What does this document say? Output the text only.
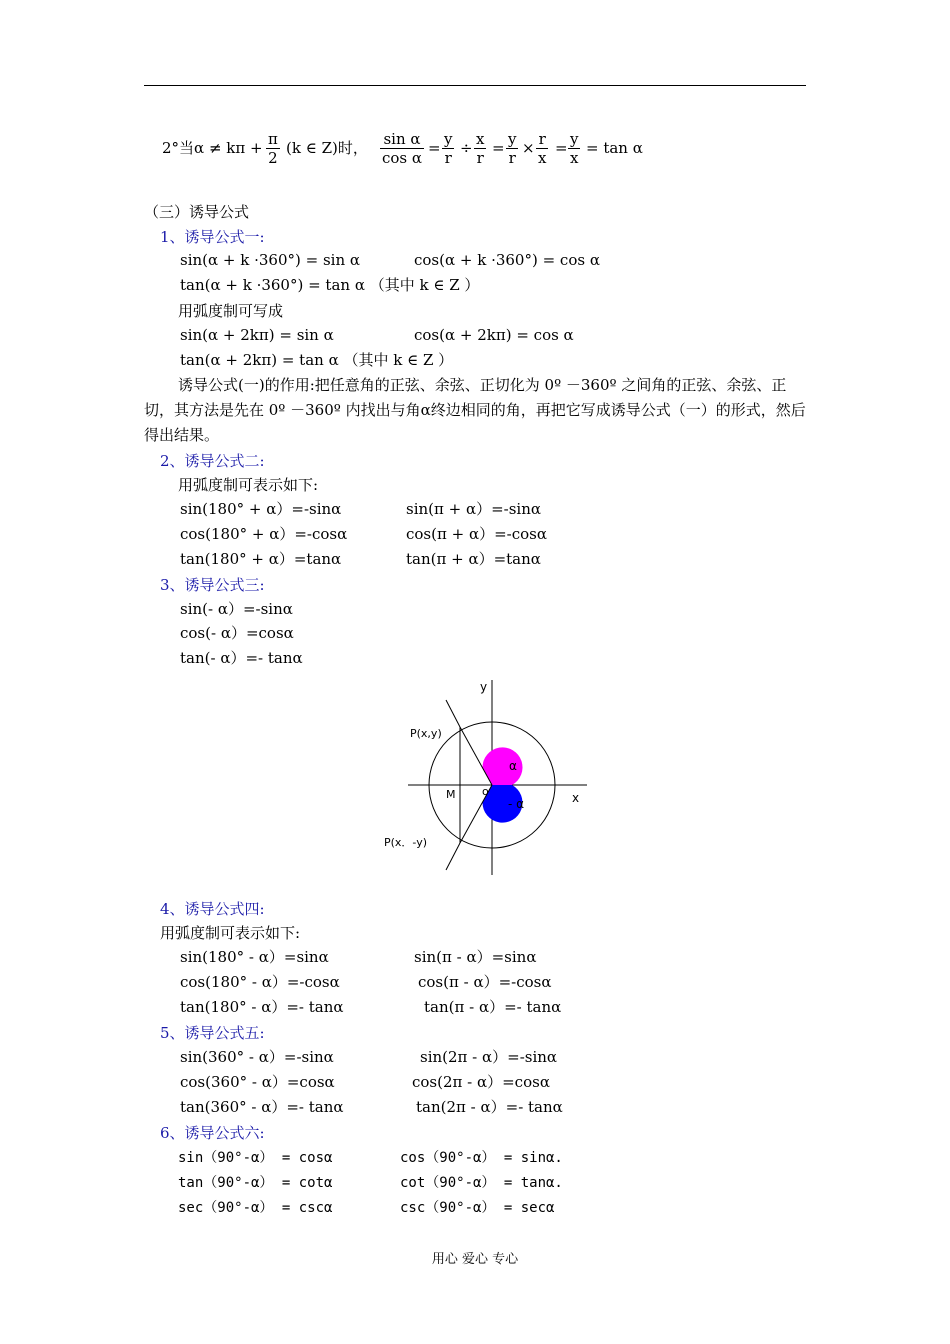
2°当$\alpha \ne k\pi + \frac{\pi}{2} (k$ ∈ Z)时， $\frac{\text{sin α}}{\text{cos α}} = \frac{y}{r} \div \frac{x}{r} = \frac{y}{r} \times \frac{r}{x} = \frac{y}{x} = \tan \alpha$
（三）诱导公式
1、诱导公式一:
sin(α + k ·360°) = sin α	cos(α + k ·360°) = cos α
tan(α + k ·360°) = tan α （其中 k ∈ Z ）
用弧度制可写成
sin(α + 2kπ) = sin α	cos(α + 2kπ) = cos α
tan(α + 2kπ) = tan α （其中 k ∈ Z ）
诱导公式(一)的作用:把任意角的正弦、余弦、正切化为 0º －360º 之间角的正弦、余弦、正切，其方法是先在 0º －360º 内找出与角α终边相同的角，再把它写成诱导公式（一）的形式，然后得出结果。
2、诱导公式二:
用弧度制可表示如下:
sin(180° + α）=-sinα	sin(π + α）=-sinα
cos(180° + α）=-cosα	cos(π + α）=-cosα
tan(180° + α）=tanα	tan(π + α）=tanα
3、诱导公式三:
sin(- α）=-sinα
cos(- α）=cosα
tan(- α）=- tanα
y
x
P(x,y)
P(x．-y)
M o
α
- α
4、诱导公式四:
用弧度制可表示如下:
sin(180° - α）=sinα	sin(π - α）=sinα
cos(180° - α）=-cosα	cos(π - α）=-cosα
tan(180° - α）=- tanα	tan(π - α）=- tanα
5、诱导公式五:
sin(360° - α）=-sinα	sin(2π - α）=-sinα
cos(360° - α）=cosα	cos(2π - α）=cosα
tan(360° - α）=- tanα	tan(2π - α）=- tanα
6、诱导公式六:
sin（90°-α） = cosα	cos（90°-α） = sinα.
tan（90°-α） = cotα	cot（90°-α） = tanα.
sec（90°-α） = cscα	csc（90°-α） = secα
用心 爱心 专心
